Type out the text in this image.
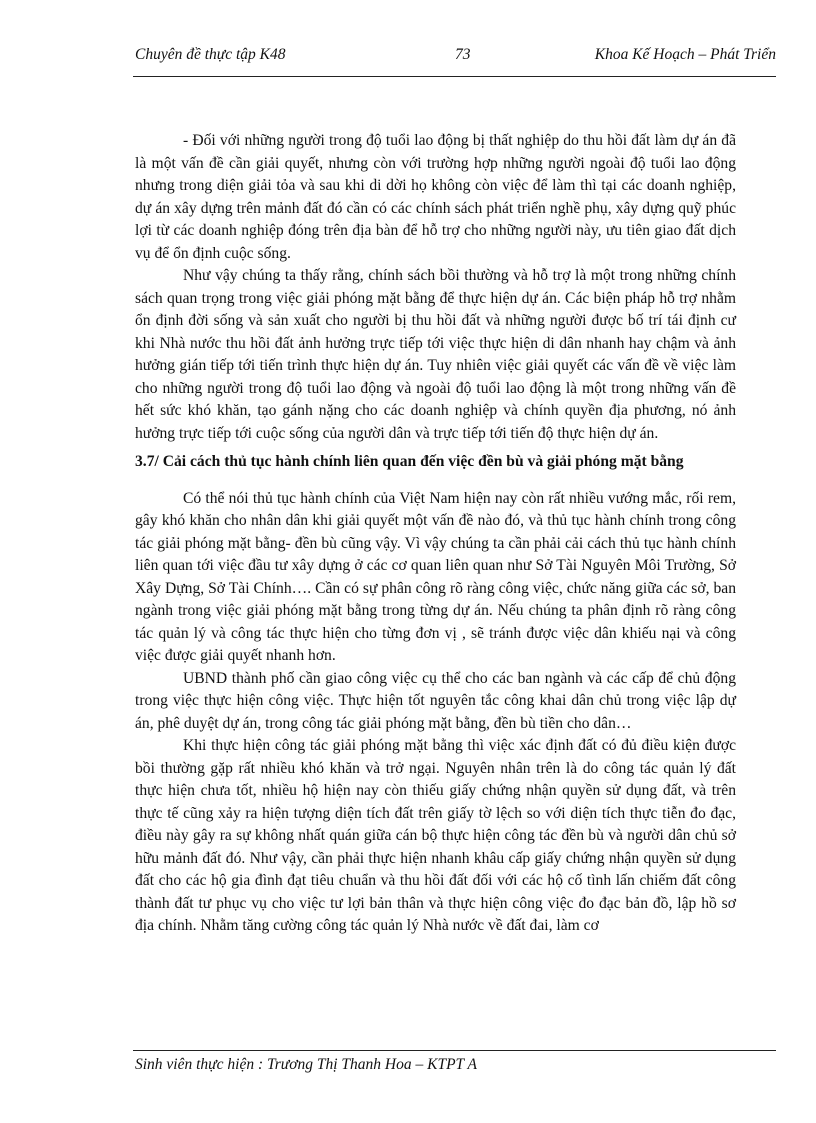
Chuyên đề thực tập K48	73	Khoa Kế Hoạch – Phát Triển

- Đối với những người trong độ tuổi lao động bị thất nghiệp do thu hồi đất làm dự án đã là một vấn đề cần giải quyết, nhưng còn với trường hợp những người ngoài độ tuổi lao động nhưng trong diện giải tỏa và sau khi di dời họ không còn việc để làm thì tại các doanh nghiệp, dự án xây dựng trên mảnh đất đó cần có các chính sách phát triển nghề phụ, xây dựng quỹ phúc lợi từ các doanh nghiệp đóng trên địa bàn để hỗ trợ cho những người này, ưu tiên giao đất dịch vụ để ổn định cuộc sống.

Như vậy chúng ta thấy rằng, chính sách bồi thường và hỗ trợ là một trong những chính sách quan trọng trong việc giải phóng mặt bằng để thực hiện dự án. Các biện pháp hỗ trợ nhằm ổn định đời sống và sản xuất cho người bị thu hồi đất và những người được bố trí tái định cư khi Nhà nước thu hồi đất ảnh hưởng trực tiếp tới việc thực hiện di dân nhanh hay chậm và ảnh hưởng gián tiếp tới tiến trình thực hiện dự án. Tuy nhiên việc giải quyết các vấn đề về việc làm cho những người trong độ tuổi lao động và ngoài độ tuổi lao động là một trong những vấn đề hết sức khó khăn, tạo gánh nặng cho các doanh nghiệp và chính quyền địa phương, nó ảnh hưởng trực tiếp tới cuộc sống của người dân và trực tiếp tới tiến độ thực hiện dự án.

3.7/ Cải cách thủ tục hành chính liên quan đến việc đền bù và giải phóng mặt bằng

Có thể nói thủ tục hành chính của Việt Nam hiện nay còn rất nhiều vướng mắc, rối rem, gây khó khăn cho nhân dân khi giải quyết một vấn đề nào đó, và thủ tục hành chính trong công tác giải phóng mặt bằng- đền bù cũng vậy. Vì vậy chúng ta cần phải cải cách thủ tục hành chính liên quan tới việc đầu tư xây dựng ở các cơ quan liên quan như Sở Tài Nguyên Môi Trường, Sở Xây Dựng, Sở Tài Chính…. Cần có sự phân công rõ ràng công việc, chức năng giữa các sở, ban ngành trong việc giải phóng mặt bằng trong từng dự án. Nếu chúng ta phân định rõ ràng công tác quản lý và công tác thực hiện cho từng đơn vị , sẽ tránh được việc dân khiếu nại và công việc được giải quyết nhanh hơn.

UBND thành phố cần giao công việc cụ thể cho các ban ngành và các cấp để chủ động trong việc thực hiện công việc. Thực hiện tốt nguyên tắc công khai dân chủ trong việc lập dự án, phê duyệt dự án, trong công tác giải phóng mặt bằng, đền bù tiền cho dân…

Khi thực hiện công tác giải phóng mặt bằng thì việc xác định đất có đủ điều kiện được bồi thường gặp rất nhiều khó khăn và trở ngại. Nguyên nhân trên là do công tác quản lý đất thực hiện chưa tốt, nhiều hộ hiện nay còn thiếu giấy chứng nhận quyền sử dụng đất, và trên thực tế cũng xảy ra hiện tượng diện tích đất trên giấy tờ lệch so với diện tích thực tiễn đo đạc, điều này gây ra sự không nhất quán giữa cán bộ thực hiện công tác đền bù và người dân chủ sở hữu mảnh đất đó. Như vậy, cần phải thực hiện nhanh khâu cấp giấy chứng nhận quyền sử dụng đất cho các hộ gia đình đạt tiêu chuẩn và thu hồi đất đối với các hộ cố tình lấn chiếm đất công thành đất tư phục vụ cho việc tư lợi bản thân và thực hiện công việc đo đạc bản đồ, lập hồ sơ địa chính. Nhằm tăng cường công tác quản lý Nhà nước về đất đai, làm cơ

Sinh viên thực hiện : Trương Thị Thanh Hoa – KTPT A
